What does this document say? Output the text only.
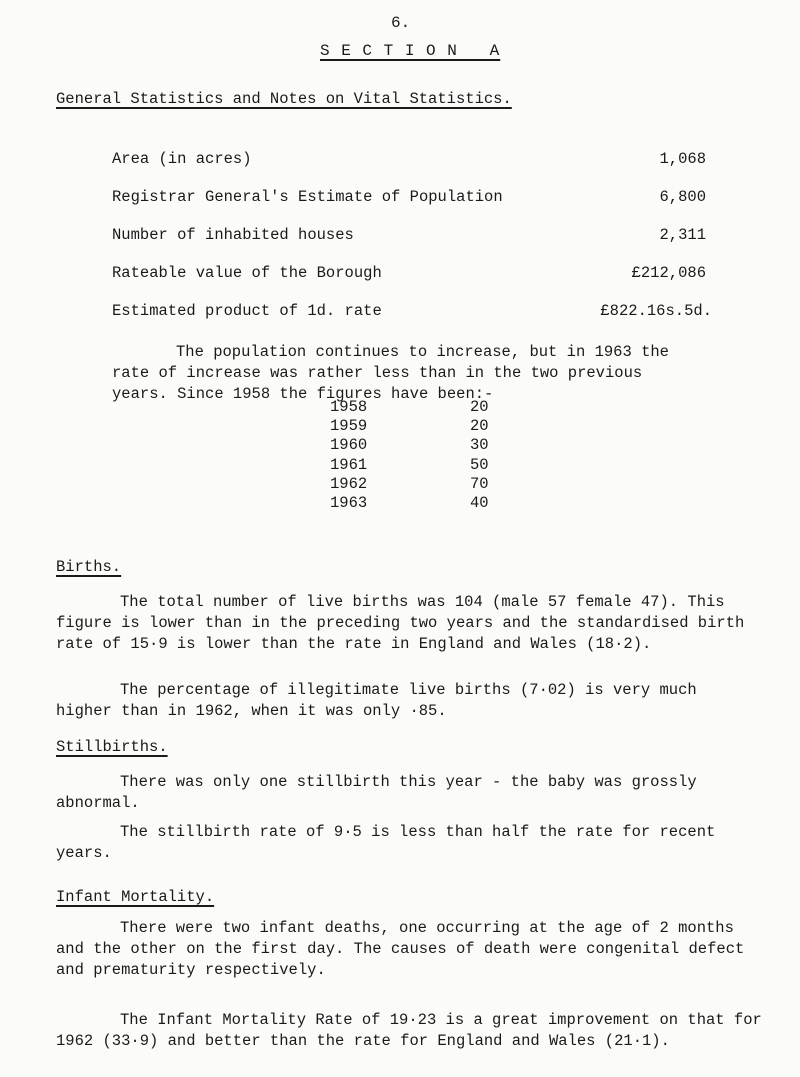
6.
S E C T I O N   A
General Statistics and Notes on Vital Statistics.
Area (in acres)	1,068
Registrar General's Estimate of Population	6,800
Number of inhabited houses	2,311
Rateable value of the Borough	£212,086
Estimated product of 1d. rate	£822.16s.5d.
The population continues to increase, but in 1963 the rate of increase was rather less than in the two previous years. Since 1958 the figures have been:-
1958	20
1959	20
1960	30
1961	50
1962	70
1963	40
Births.
The total number of live births was 104 (male 57 female 47). This figure is lower than in the preceding two years and the standardised birth rate of 15·9 is lower than the rate in England and Wales (18·2).
The percentage of illegitimate live births (7·02) is very much higher than in 1962, when it was only ·85.
Stillbirths.
There was only one stillbirth this year - the baby was grossly abnormal.
The stillbirth rate of 9·5 is less than half the rate for recent years.
Infant Mortality.
There were two infant deaths, one occurring at the age of 2 months and the other on the first day. The causes of death were congenital defect and prematurity respectively.
The Infant Mortality Rate of 19·23 is a great improvement on that for 1962 (33·9) and better than the rate for England and Wales (21·1).
